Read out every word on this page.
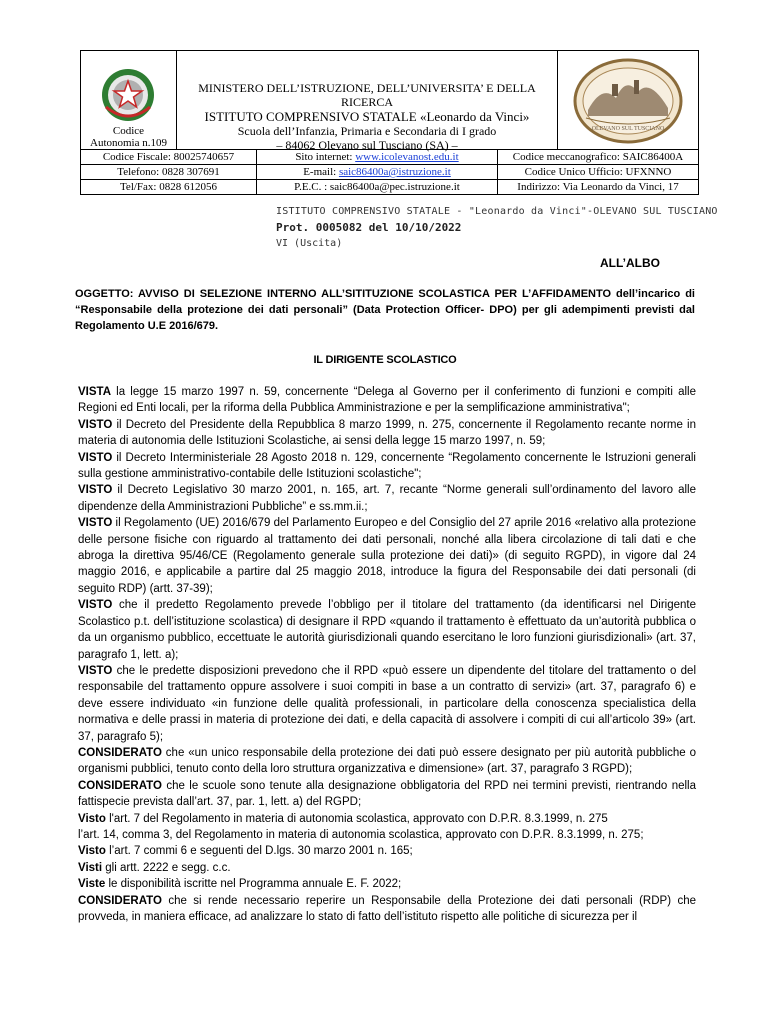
Codice
Autonomia n.109
MINISTERO DELL’ISTRUZIONE, DELL’UNIVERSITA’ E DELLA RICERCA
ISTITUTO COMPRENSIVO STATALE «Leonardo da Vinci»
Scuola dell’Infanzia, Primaria e Secondaria di I grado
– 84062 Olevano sul Tusciano (SA) –
OLEVANO SUL TUSCIANO
Codice Fiscale: 80025740657	Sito internet: www.icolevanost.edu.it	Codice meccanografico: SAIC86400A
Telefono: 0828 307691	E-mail: saic86400a@istruzione.it	Codice Unico Ufficio: UFXNNO
Tel/Fax: 0828 612056	P.E.C. : saic86400a@pec.istruzione.it	Indirizzo: Via Leonardo da Vinci, 17
ISTITUTO COMPRENSIVO STATALE - "Leonardo da Vinci"-OLEVANO SUL TUSCIANO
Prot. 0005082 del 10/10/2022
VI (Uscita)
ALL’ALBO
OGGETTO: AVVISO DI SELEZIONE INTERNO ALL’SITITUZIONE SCOLASTICA PER L’AFFIDAMENTO dell’incarico di “Responsabile della protezione dei dati personali” (Data Protection Officer- DPO) per gli adempimenti previsti dal Regolamento U.E 2016/679.
IL DIRIGENTE SCOLASTICO

VISTA la legge 15 marzo 1997 n. 59, concernente “Delega al Governo per il conferimento di funzioni e compiti alle Regioni ed Enti locali, per la riforma della Pubblica Amministrazione e per la semplificazione amministrativa";

VISTO il Decreto del Presidente della Repubblica 8 marzo 1999, n. 275, concernente il Regolamento recante norme in materia di autonomia delle Istituzioni Scolastiche, ai sensi della legge 15 marzo 1997, n. 59;

VISTO il Decreto Interministeriale 28 Agosto 2018 n. 129, concernente “Regolamento concernente le Istruzioni generali sulla gestione amministrativo-contabile delle Istituzioni scolastiche";

VISTO il Decreto Legislativo 30 marzo 2001, n. 165, art. 7, recante “Norme generali sull’ordinamento del lavoro alle dipendenze della Amministrazioni Pubbliche” e ss.mm.ii.;

VISTO il Regolamento (UE) 2016/679 del Parlamento Europeo e del Consiglio del 27 aprile 2016 «relativo alla protezione delle persone fisiche con riguardo al trattamento dei dati personali, nonché alla libera circolazione di tali dati e che abroga la direttiva 95/46/CE (Regolamento generale sulla protezione dei dati)» (di seguito RGPD), in vigore dal 24 maggio 2016, e applicabile a partire dal 25 maggio 2018, introduce la figura del Responsabile dei dati personali (di seguito RDP) (artt. 37-39);

VISTO che il predetto Regolamento prevede l’obbligo per il titolare del trattamento (da identificarsi nel Dirigente Scolastico p.t. dell’istituzione scolastica) di designare il RPD «quando il trattamento è effettuato da un’autorità pubblica o da un organismo pubblico, eccettuate le autorità giurisdizionali quando esercitano le loro funzioni giurisdizionali» (art. 37, paragrafo 1, lett. a);

VISTO che le predette disposizioni prevedono che il RPD «può essere un dipendente del titolare del trattamento o del responsabile del trattamento oppure assolvere i suoi compiti in base a un contratto di servizi» (art. 37, paragrafo 6) e deve essere individuato «in funzione delle qualità professionali, in particolare della conoscenza specialistica della normativa e delle prassi in materia di protezione dei dati, e della capacità di assolvere i compiti di cui all’articolo 39» (art. 37, paragrafo 5);

CONSIDERATO che «un unico responsabile della protezione dei dati può essere designato per più autorità pubbliche o organismi pubblici, tenuto conto della loro struttura organizzativa e dimensione» (art. 37, paragrafo 3 RGPD);

CONSIDERATO che le scuole sono tenute alla designazione obbligatoria del RPD nei termini previsti, rientrando nella fattispecie prevista dall’art. 37, par. 1, lett. a) del RGPD;

Visto l'art. 7 del Regolamento in materia di autonomia scolastica, approvato con D.P.R. 8.3.1999, n. 275

l’art. 14, comma 3, del Regolamento in materia di autonomia scolastica, approvato con D.P.R. 8.3.1999, n. 275;

Visto l’art. 7 commi 6 e seguenti del D.lgs. 30 marzo 2001 n. 165;

Visti gli artt. 2222 e segg. c.c.

Viste le disponibilità iscritte nel Programma annuale E. F. 2022;

CONSIDERATO che si rende necessario reperire un Responsabile della Protezione dei dati personali (RDP) che provveda, in maniera efficace, ad analizzare lo stato di fatto dell’istituto rispetto alle politiche di sicurezza per il
